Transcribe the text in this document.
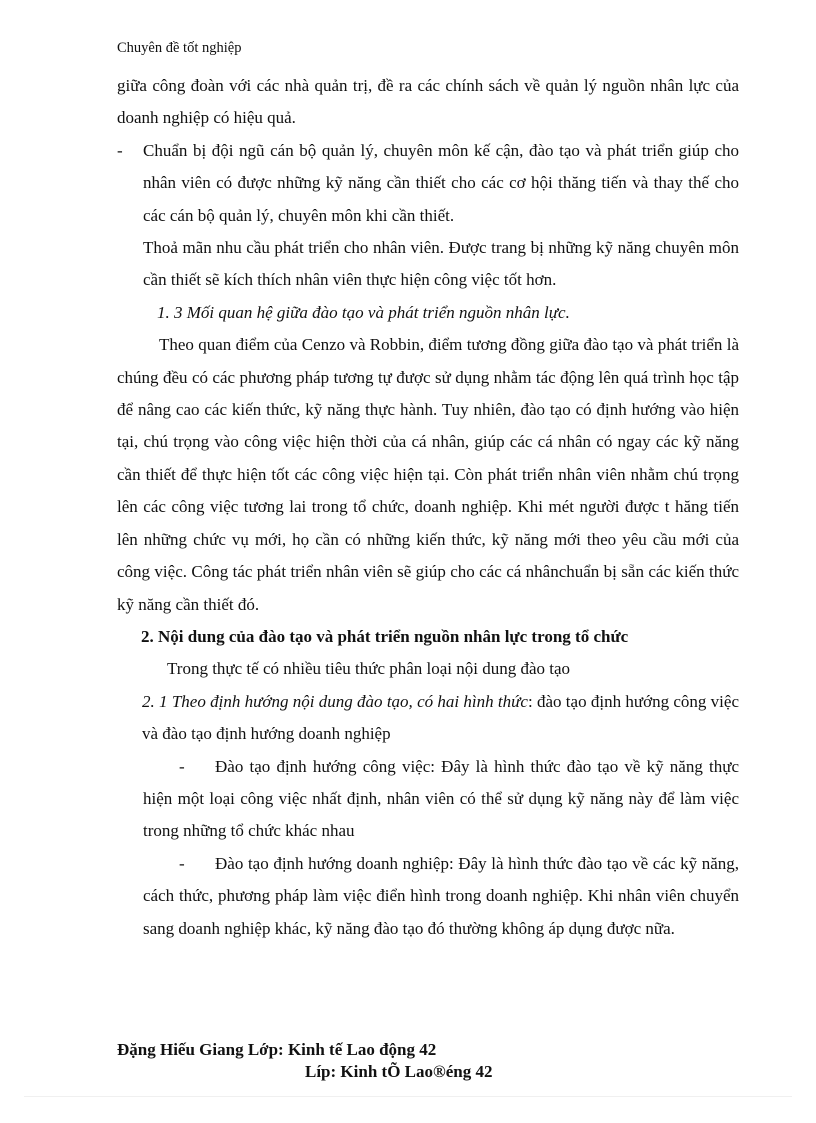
Chuyên đề tốt nghiệp

giữa công đoàn với các nhà quản trị, đề ra các chính sách về quản lý nguồn nhân lực của doanh nghiệp có hiệu quả.

- Chuẩn bị đội ngũ cán bộ quản lý, chuyên môn kế cận, đào tạo và phát triển giúp cho nhân viên có được những kỹ năng cần thiết cho các cơ hội thăng tiến và thay thế cho các cán bộ quản lý, chuyên môn khi cần thiết.

Thoả mãn nhu cầu phát triển cho nhân viên. Được trang bị những kỹ năng chuyên môn cần thiết sẽ kích thích nhân viên thực hiện công việc tốt hơn.

1. 3 Mối quan hệ giữa đào tạo và phát triển nguồn nhân lực.

Theo quan điểm của Cenzo và Robbin, điểm tương đồng giữa đào tạo và phát triển là chúng đều có các phương pháp tương tự được sử dụng nhằm tác động lên quá trình học tập để nâng cao các kiến thức, kỹ năng thực hành. Tuy nhiên, đào tạo có định hướng vào hiện tại, chú trọng vào công việc hiện thời của cá nhân, giúp các cá nhân có ngay các kỹ năng cần thiết để thực hiện tốt các công việc hiện tại. Còn phát triển nhân viên nhằm chú trọng lên các công việc tương lai trong tổ chức, doanh nghiệp. Khi mét người được t hăng tiến lên những chức vụ mới, họ cần có những kiến thức, kỹ năng mới theo yêu cầu mới của công việc. Công tác phát triển nhân viên sẽ giúp cho các cá nhânchuẩn bị sẵn các kiến thức kỹ năng cần thiết đó.

2. Nội dung của đào tạo và phát triển nguồn nhân lực trong tổ chức

Trong thực tế có nhiều tiêu thức phân loại nội dung đào tạo

2. 1 Theo định hướng nội dung đào tạo, có hai hình thức: đào tạo định hướng công việc và đào tạo định hướng doanh nghiệp

- Đào tạo định hướng công việc: Đây là hình thức đào tạo về kỹ năng thực hiện một loại công việc nhất định, nhân viên có thể sử dụng kỹ năng này để làm việc trong những tổ chức khác nhau

- Đào tạo định hướng doanh nghiệp: Đây là hình thức đào tạo về các kỹ năng, cách thức, phương pháp làm việc điển hình trong doanh nghiệp. Khi nhân viên chuyển sang doanh nghiệp khác, kỹ năng đào tạo đó thường không áp dụng được nữa.

Đặng Hiếu Giang Lớp: Kinh tế Lao động 42
Líp: Kinh tÕ Lao®éng 42
